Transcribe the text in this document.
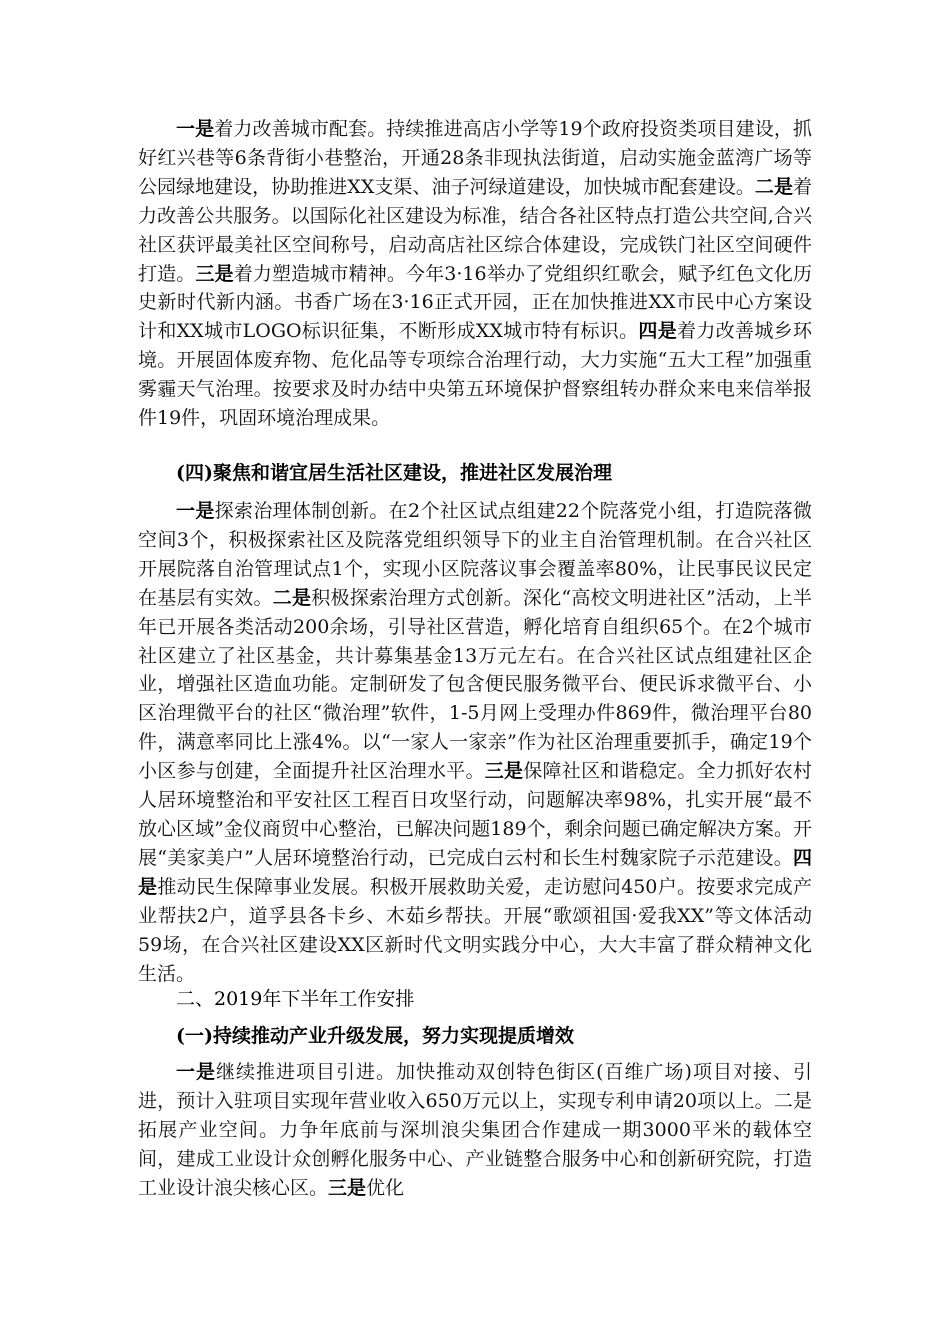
一是着力改善城市配套。持续推进高店小学等19个政府投资类项目建设，抓好红兴巷等6条背街小巷整治，开通28条非现执法街道，启动实施金蓝湾广场等公园绿地建设，协助推进XX支渠、油子河绿道建设，加快城市配套建设。二是着力改善公共服务。以国际化社区建设为标准，结合各社区特点打造公共空间,合兴社区获评最美社区空间称号，启动高店社区综合体建设，完成铁门社区空间硬件打造。三是着力塑造城市精神。今年3·16举办了党组织红歌会，赋予红色文化历史新时代新内涵。书香广场在3·16正式开园，正在加快推进XX市民中心方案设计和XX城市LOGO标识征集，不断形成XX城市特有标识。四是着力改善城乡环境。开展固体废弃物、危化品等专项综合治理行动，大力实施“五大工程”加强重雾霾天气治理。按要求及时办结中央第五环境保护督察组转办群众来电来信举报件19件，巩固环境治理成果。

(四)聚焦和谐宜居生活社区建设，推进社区发展治理

一是探索治理体制创新。在2个社区试点组建22个院落党小组，打造院落微空间3个，积极探索社区及院落党组织领导下的业主自治管理机制。在合兴社区开展院落自治管理试点1个，实现小区院落议事会覆盖率80%，让民事民议民定在基层有实效。二是积极探索治理方式创新。深化“高校文明进社区”活动，上半年已开展各类活动200余场，引导社区营造，孵化培育自组织65个。在2个城市社区建立了社区基金，共计募集基金13万元左右。在合兴社区试点组建社区企业，增强社区造血功能。定制研发了包含便民服务微平台、便民诉求微平台、小区治理微平台的社区“微治理”软件，1-5月网上受理办件869件，微治理平台80件，满意率同比上涨4%。以“一家人一家亲”作为社区治理重要抓手，确定19个小区参与创建，全面提升社区治理水平。三是保障社区和谐稳定。全力抓好农村人居环境整治和平安社区工程百日攻坚行动，问题解决率98%，扎实开展“最不放心区域”金仪商贸中心整治，已解决问题189个，剩余问题已确定解决方案。开展“美家美户”人居环境整治行动，已完成白云村和长生村魏家院子示范建设。四是推动民生保障事业发展。积极开展救助关爱，走访慰问450户。按要求完成产业帮扶2户，道孚县各卡乡、木茹乡帮扶。开展“歌颂祖国·爱我XX”等文体活动59场，在合兴社区建设XX区新时代文明实践分中心，大大丰富了群众精神文化生活。

二、2019年下半年工作安排
(一)持续推动产业升级发展，努力实现提质增效

一是继续推进项目引进。加快推动双创特色街区(百维广场)项目对接、引进，预计入驻项目实现年营业收入650万元以上，实现专利申请20项以上。二是拓展产业空间。力争年底前与深圳浪尖集团合作建成一期3000平米的载体空间，建成工业设计众创孵化服务中心、产业链整合服务中心和创新研究院，打造工业设计浪尖核心区。三是优化
